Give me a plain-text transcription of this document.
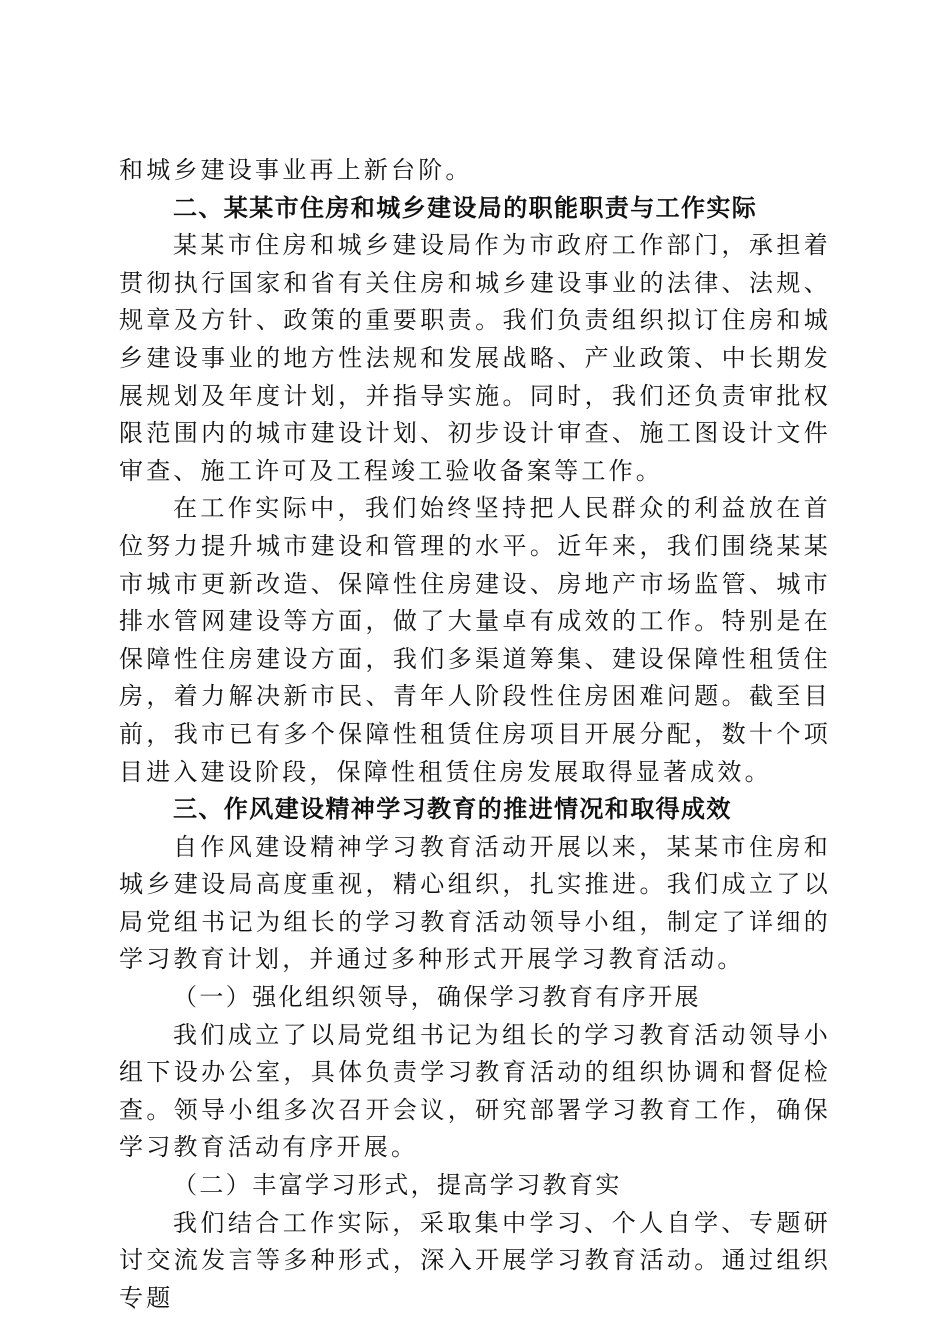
和城乡建设事业再上新台阶。

二、某某市住房和城乡建设局的职能职责与工作实际

某某市住房和城乡建设局作为市政府工作部门，承担着贯彻执行国家和省有关住房和城乡建设事业的法律、法规、规章及方针、政策的重要职责。我们负责组织拟订住房和城乡建设事业的地方性法规和发展战略、产业政策、中长期发展规划及年度计划，并指导实施。同时，我们还负责审批权限范围内的城市建设计划、初步设计审查、施工图设计文件审查、施工许可及工程竣工验收备案等工作。

在工作实际中，我们始终坚持把人民群众的利益放在首位努力提升城市建设和管理的水平。近年来，我们围绕某某市城市更新改造、保障性住房建设、房地产市场监管、城市排水管网建设等方面，做了大量卓有成效的工作。特别是在保障性住房建设方面，我们多渠道筹集、建设保障性租赁住房，着力解决新市民、青年人阶段性住房困难问题。截至目前，我市已有多个保障性租赁住房项目开展分配，数十个项目进入建设阶段，保障性租赁住房发展取得显著成效。

三、作风建设精神学习教育的推进情况和取得成效

自作风建设精神学习教育活动开展以来，某某市住房和城乡建设局高度重视，精心组织，扎实推进。我们成立了以局党组书记为组长的学习教育活动领导小组，制定了详细的学习教育计划，并通过多种形式开展学习教育活动。

（一）强化组织领导，确保学习教育有序开展

我们成立了以局党组书记为组长的学习教育活动领导小组下设办公室，具体负责学习教育活动的组织协调和督促检查。领导小组多次召开会议，研究部署学习教育工作，确保学习教育活动有序开展。

（二）丰富学习形式，提高学习教育实

我们结合工作实际，采取集中学习、个人自学、专题研讨交流发言等多种形式，深入开展学习教育活动。通过组织专题
